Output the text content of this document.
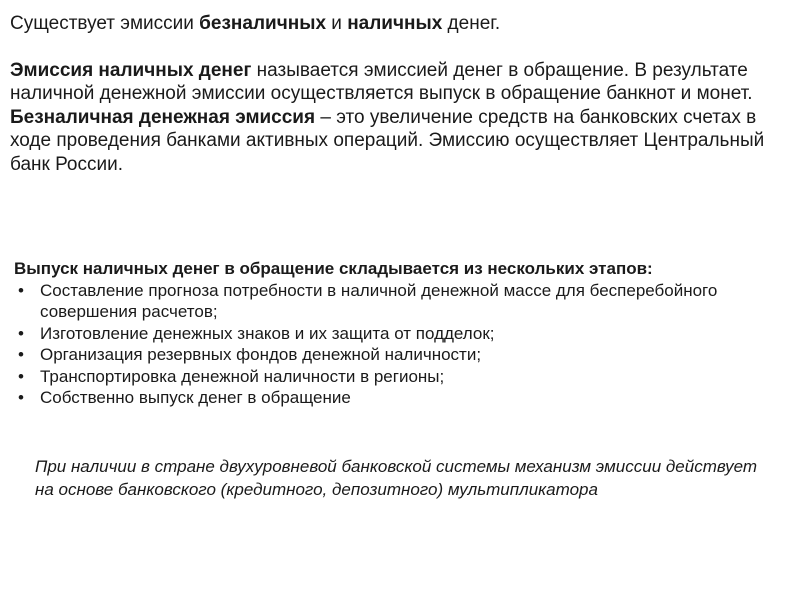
Существует эмиссии безналичных и наличных денег.

Эмиссия наличных денег называется эмиссией денег в обращение. В результате наличной денежной эмиссии осуществляется выпуск в обращение банкнот и монет.

Безналичная денежная эмиссия – это увеличение средств на банковских счетах в ходе проведения банками активных операций. Эмиссию осуществляет Центральный банк России.

Выпуск наличных денег в обращение складывается из нескольких этапов:

• Составление прогноза потребности в наличной денежной массе для бесперебойного совершения расчетов;
• Изготовление денежных знаков и их защита от подделок;
• Организация резервных фондов денежной наличности;
• Транспортировка денежной наличности в регионы;
• Собственно выпуск денег в обращение

При наличии в стране двухуровневой банковской системы механизм эмиссии действует на основе банковского (кредитного, депозитного) мультипликатора
